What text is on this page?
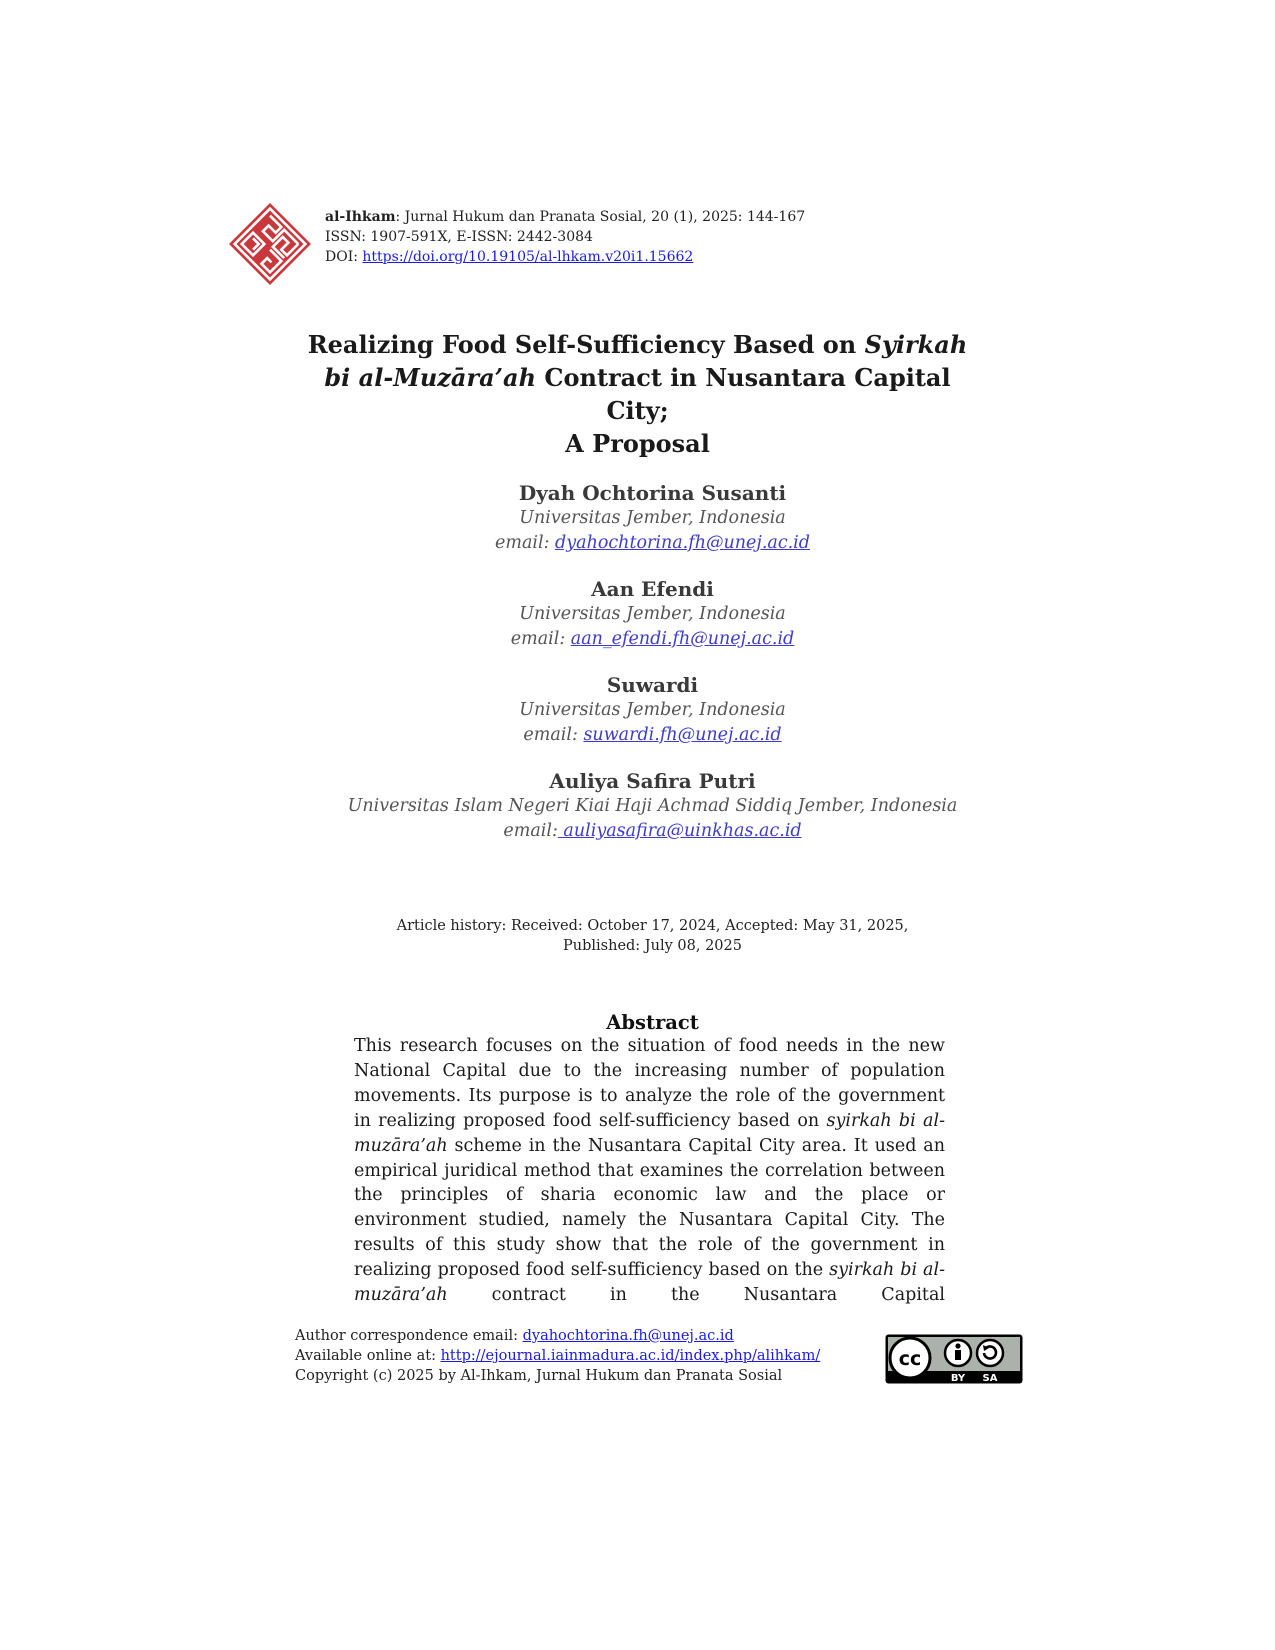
al-Ihkam: Jurnal Hukum dan Pranata Sosial, 20 (1), 2025: 144-167
ISSN: 1907-591X, E-ISSN: 2442-3084
DOI: https://doi.org/10.19105/al-lhkam.v20i1.15662
Realizing Food Self-Sufficiency Based on Syirkah
bi al-Muzāra’ah Contract in Nusantara Capital City;
A Proposal
Dyah Ochtorina Susanti
Universitas Jember, Indonesia
email: dyahochtorina.fh@unej.ac.id
Aan Efendi
Universitas Jember, Indonesia
email: aan_efendi.fh@unej.ac.id
Suwardi
Universitas Jember, Indonesia
email: suwardi.fh@unej.ac.id
Auliya Safira Putri
Universitas Islam Negeri Kiai Haji Achmad Siddiq Jember, Indonesia
email: auliyasafira@uinkhas.ac.id
Article history: Received: October 17, 2024, Accepted: May 31, 2025,
Published: July 08, 2025
Abstract
This research focuses on the situation of food needs in the new National Capital due to the increasing number of population movements. Its purpose is to analyze the role of the government in realizing proposed food self-sufficiency based on syirkah bi al-muzāra’ah scheme in the Nusantara Capital City area. It used an empirical juridical method that examines the correlation between the principles of sharia economic law and the place or environment studied, namely the Nusantara Capital City. The results of this study show that the role of the government in realizing proposed food self-sufficiency based on the syirkah bi al-muzāra’ah contract in the Nusantara Capital
Author correspondence email: dyahochtorina.fh@unej.ac.id
Available online at: http://ejournal.iainmadura.ac.id/index.php/alihkam/
Copyright (c) 2025 by Al-Ihkam, Jurnal Hukum dan Pranata Sosial
cc
BY SA
